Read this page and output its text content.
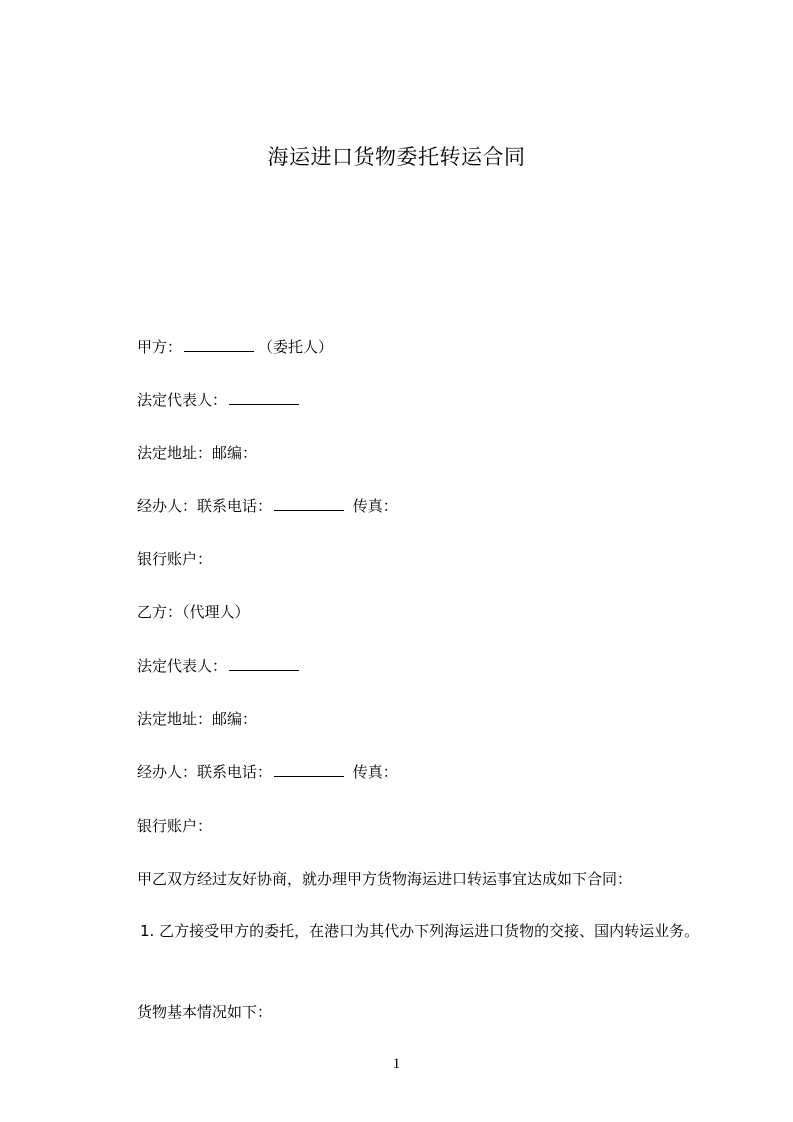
海运进口货物委托转运合同
甲方：	（委托人）
法定代表人：
法定地址：邮编：
经办人：联系电话：	传真：
银行账户：
乙方：（代理人）
法定代表人：
法定地址：邮编：
经办人：联系电话：	传真：
银行账户：
甲乙双方经过友好协商，就办理甲方货物海运进口转运事宜达成如下合同：
1. 乙方接受甲方的委托，在港口为其代办下列海运进口货物的交接、国内转运业务。
货物基本情况如下：
1
